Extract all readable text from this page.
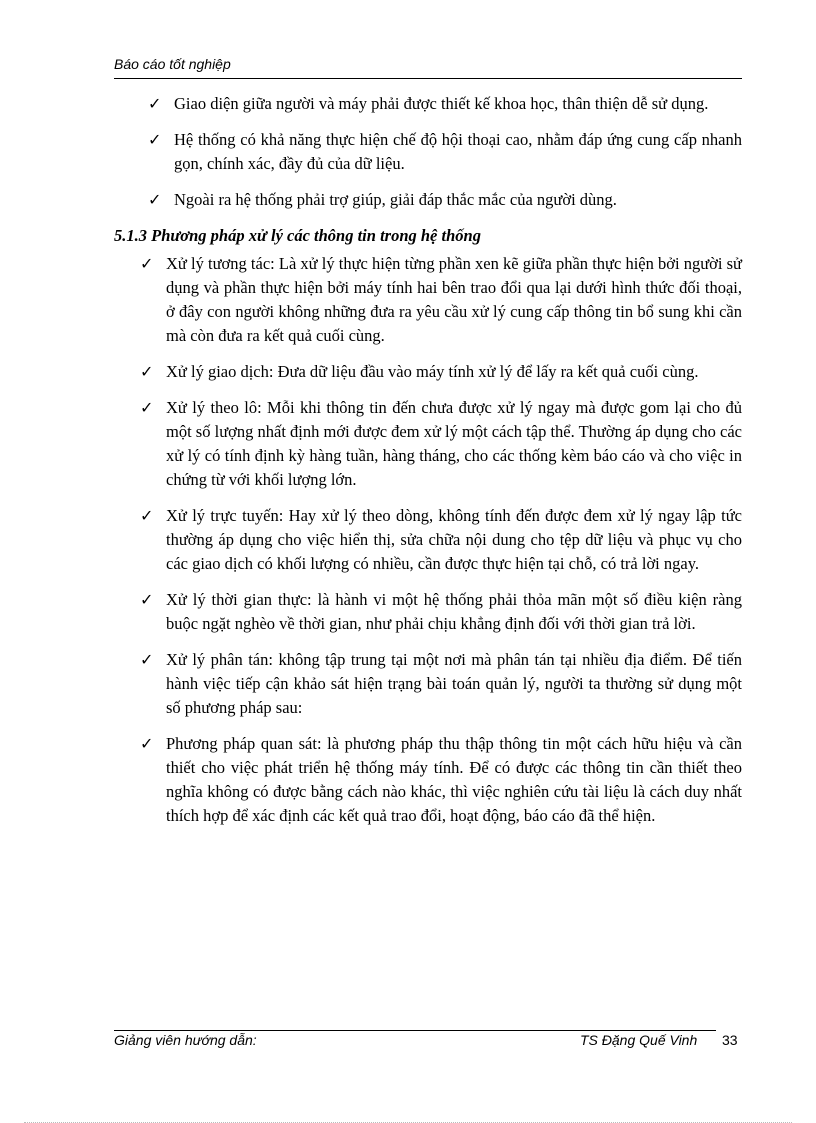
Báo cáo tốt nghiệp
✓ Giao diện giữa người và máy phải được thiết kế khoa học, thân thiện dễ sử dụng.
✓ Hệ thống có khả năng thực hiện chế độ hội thoại cao, nhằm đáp ứng cung cấp nhanh gọn, chính xác, đầy đủ của dữ liệu.
✓ Ngoài ra hệ thống phải trợ giúp, giải đáp thắc mắc của người dùng.
5.1.3 Phương pháp xử lý các thông tin trong hệ thống
✓ Xử lý tương tác: Là xử lý thực hiện từng phần xen kẽ giữa phần thực hiện bởi người sử dụng và phần thực hiện bởi máy tính hai bên trao đổi qua lại dưới hình thức đối thoại, ở đây con người không những đưa ra yêu cầu xử lý cung cấp thông tin bổ sung khi cần mà còn đưa ra kết quả cuối cùng.
✓ Xử lý giao dịch: Đưa dữ liệu đầu vào máy tính xử lý để lấy ra kết quả cuối cùng.
✓ Xử lý theo lô: Mỗi khi thông tin đến chưa được xử lý ngay mà được gom lại cho đủ một số lượng nhất định mới được đem xử lý một cách tập thể. Thường áp dụng cho các xử lý có tính định kỳ hàng tuần, hàng tháng, cho các thống kèm báo cáo và cho việc in chứng từ với khối lượng lớn.
✓ Xử lý trực tuyến: Hay xử lý theo dòng, không tính đến được đem xử lý ngay lập tức thường áp dụng cho việc hiển thị, sửa chữa nội dung cho tệp dữ liệu và phục vụ cho các giao dịch có khối lượng có nhiều, cần được thực hiện tại chỗ, có trả lời ngay.
✓ Xử lý thời gian thực: là hành vi một hệ thống phải thỏa mãn một số điều kiện ràng buộc ngặt nghèo về thời gian, như phải chịu khẳng định đối với thời gian trả lời.
✓ Xử lý phân tán: không tập trung tại một nơi mà phân tán tại nhiều địa điểm. Để tiến hành việc tiếp cận khảo sát hiện trạng bài toán quản lý, người ta thường sử dụng một số phương pháp sau:
✓ Phương pháp quan sát: là phương pháp thu thập thông tin một cách hữu hiệu và cần thiết cho việc phát triển hệ thống máy tính. Để có được các thông tin cần thiết theo nghĩa không có được bằng cách nào khác, thì việc nghiên cứu tài liệu là cách duy nhất thích hợp để xác định các kết quả trao đổi, hoạt động, báo cáo đã thể hiện.
Giảng viên hướng dẫn:	TS Đặng Quế Vinh 33
